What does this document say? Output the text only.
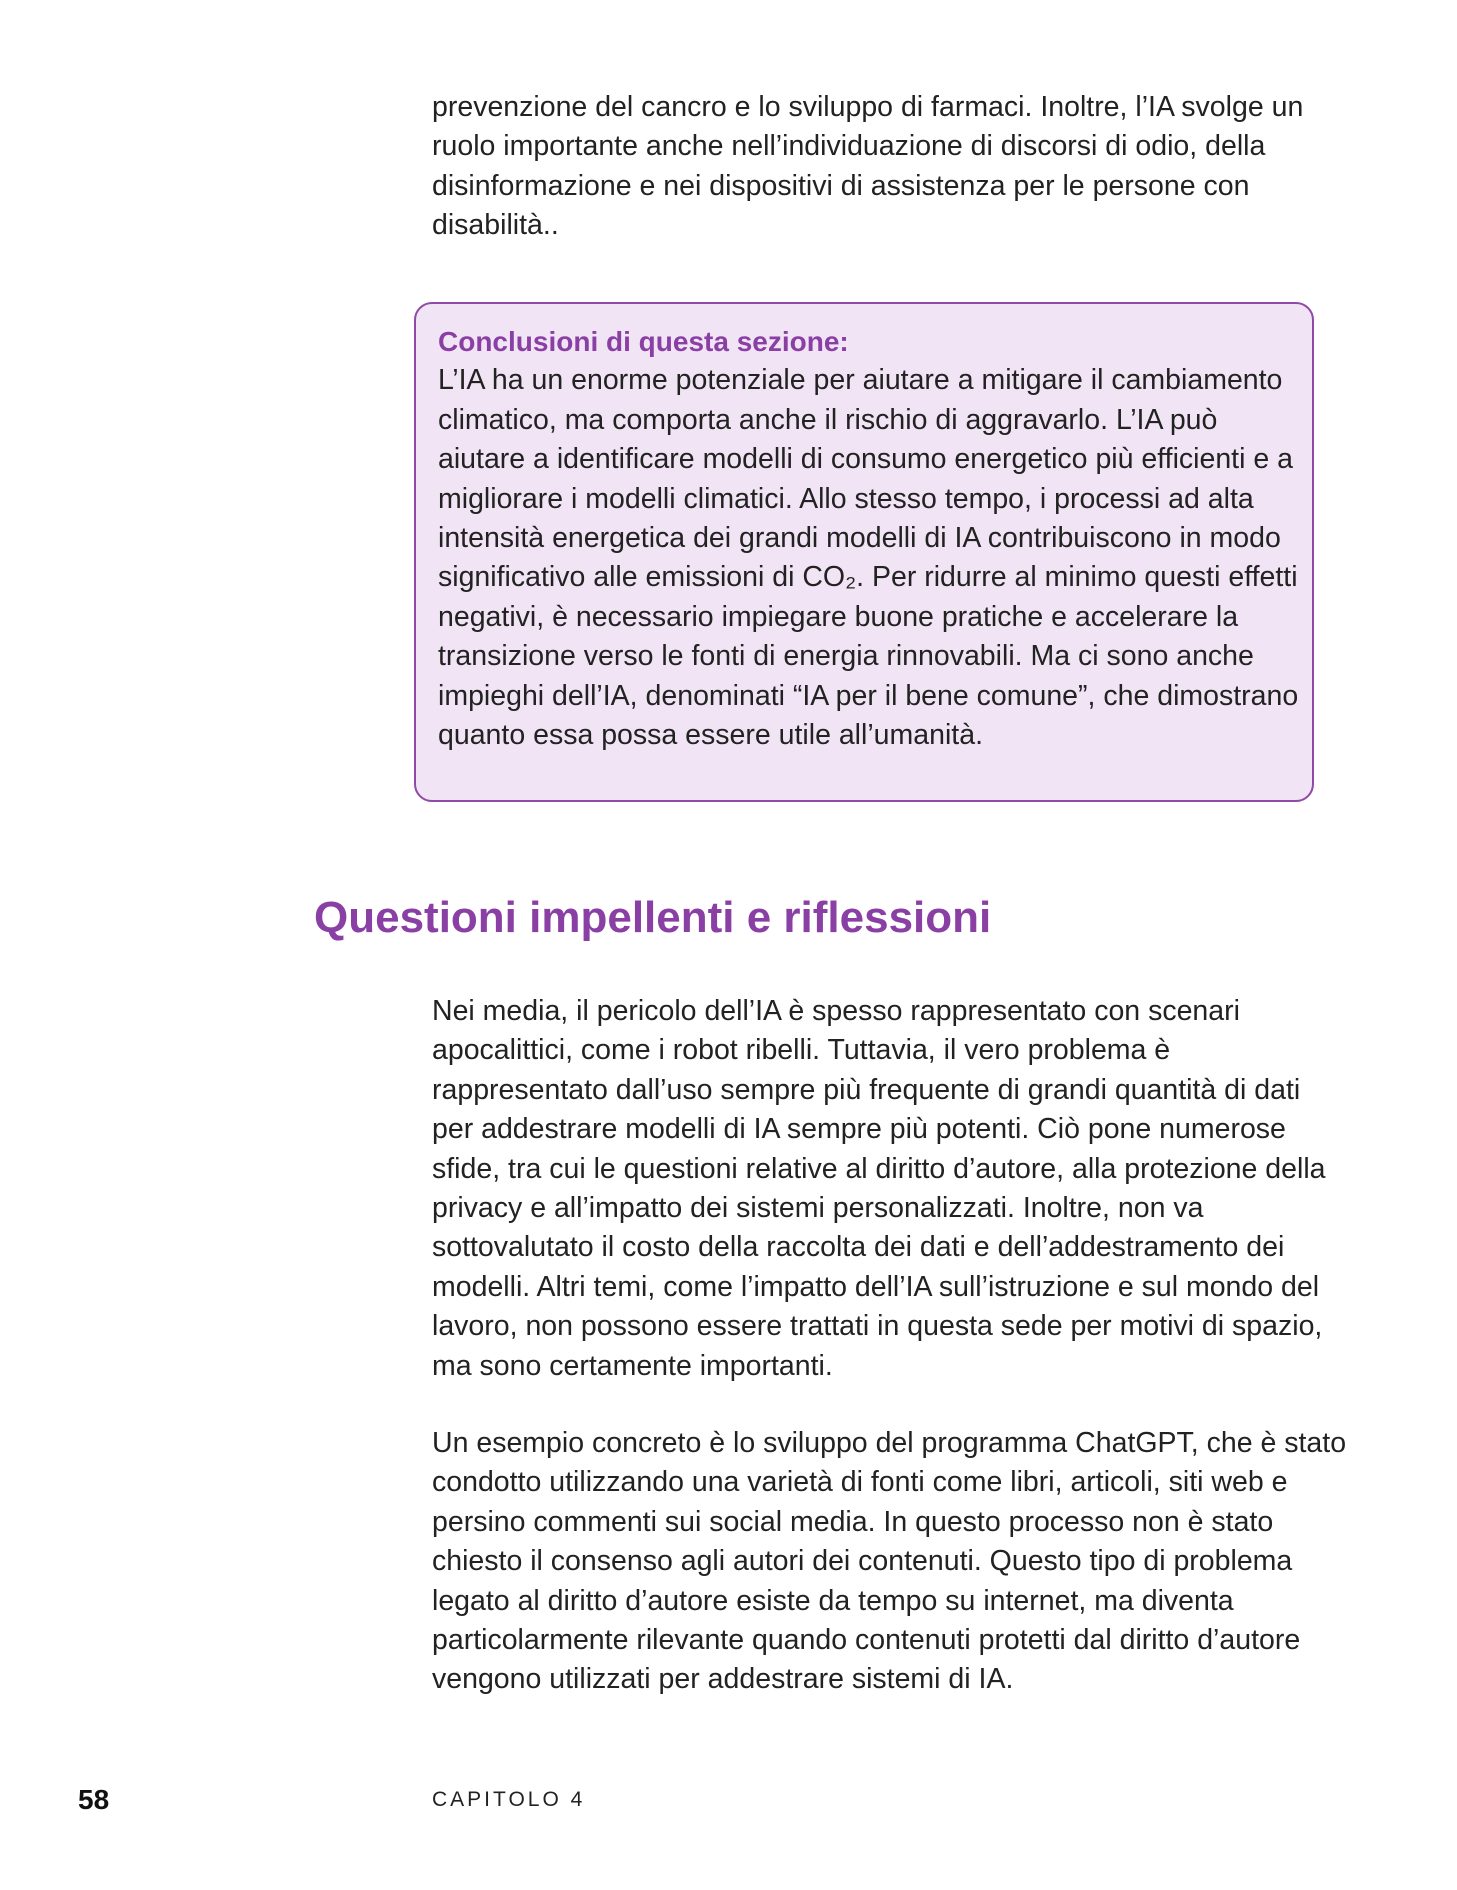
prevenzione del cancro e lo sviluppo di farmaci. Inoltre, l’IA svolge un ruolo importante anche nell’individuazione di discorsi di odio, della disinformazione e nei dispositivi di assistenza per le persone con disabilità..

Conclusioni di questa sezione:

L’IA ha un enorme potenziale per aiutare a mitigare il cambiamento climatico, ma comporta anche il rischio di aggravarlo. L’IA può aiutare a identificare modelli di consumo energetico più efficienti e a migliorare i modelli climatici. Allo stesso tempo, i processi ad alta intensità energetica dei grandi modelli di IA contribuiscono in modo significativo alle emissioni di CO₂. Per ridurre al minimo questi effetti negativi, è necessario impiegare buone pratiche e accelerare la transizione verso le fonti di energia rinnovabili. Ma ci sono anche impieghi dell’IA, denominati “IA per il bene comune”, che dimostrano quanto essa possa essere utile all’umanità.

Questioni impellenti e riflessioni

Nei media, il pericolo dell’IA è spesso rappresentato con scenari apocalittici, come i robot ribelli. Tuttavia, il vero problema è rappresentato dall’uso sempre più frequente di grandi quantità di dati per addestrare modelli di IA sempre più potenti. Ciò pone numerose sfide, tra cui le questioni relative al diritto d’autore, alla protezione della privacy e all’impatto dei sistemi personalizzati. Inoltre, non va sottovalutato il costo della raccolta dei dati e dell’addestramento dei modelli. Altri temi, come l’impatto dell’IA sull’istruzione e sul mondo del lavoro, non possono essere trattati in questa sede per motivi di spazio, ma sono certamente importanti.

Un esempio concreto è lo sviluppo del programma ChatGPT, che è stato condotto utilizzando una varietà di fonti come libri, articoli, siti web e persino commenti sui social media. In questo processo non è stato chiesto il consenso agli autori dei contenuti. Questo tipo di problema legato al diritto d’autore esiste da tempo su internet, ma diventa particolarmente rilevante quando contenuti protetti dal diritto d’autore vengono utilizzati per addestrare sistemi di IA.

58	CAPITOLO 4
